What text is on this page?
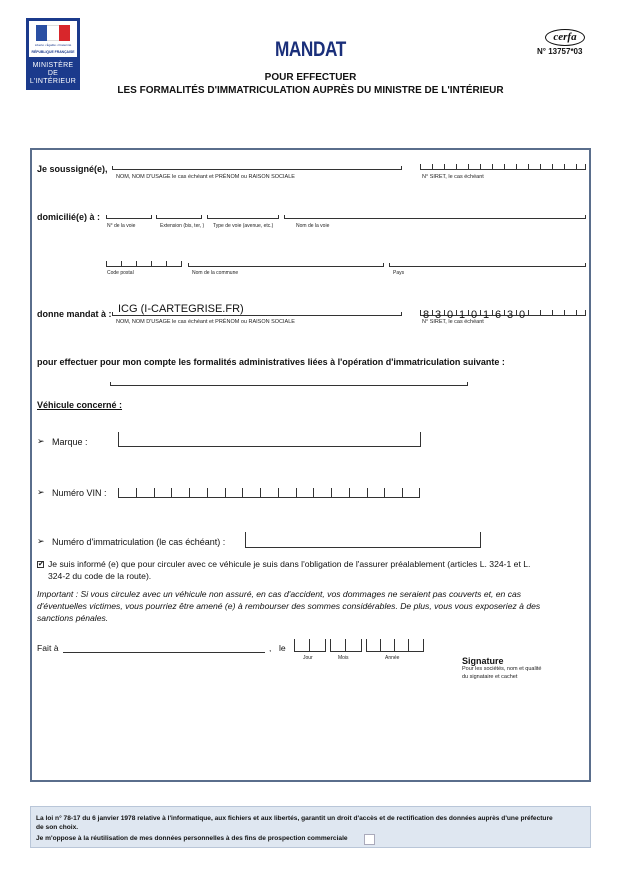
Liberté • Égalité • Fraternité
RÉPUBLIQUE FRANÇAISE
MINISTÈRE
DE
L'INTÉRIEUR
MANDAT
POUR EFFECTUER
LES FORMALITÉS D'IMMATRICULATION AUPRÈS DU MINISTRE DE L'INTÉRIEUR
cerfa
N° 13757*03
Je soussigné(e),
NOM, NOM D'USAGE le cas échéant et PRÉNOM ou RAISON SOCIALE	N° SIRET, le cas échéant
domicilié(e) à :
N° de la voie	Extension (bis, ter, ) Type de voie (avenue, etc.)	Nom de la voie
Code postal	Nom de la commune	Pays
donne mandat à : ICG (I-CARTEGRISE.FR)
NOM, NOM D'USAGE le cas échéant et PRÉNOM ou RAISON SOCIALE
8 3 0 1 0 1 6 3 0
N° SIRET, le cas échéant
pour effectuer pour mon compte les formalités administratives liées à l'opération d'immatriculation suivante :
Véhicule concerné :
➢ Marque :
➢ Numéro VIN :
➢ Numéro d'immatriculation (le cas échéant) :
✔ Je suis informé (e) que pour circuler avec ce véhicule je suis dans l'obligation de l'assurer préalablement (articles L. 324-1 et L.
324-2 du code de la route).
Important : Si vous circulez avec un véhicule non assuré, en cas d'accident, vos dommages ne seraient pas couverts et, en cas
d'éventuelles victimes, vous pourriez être amené (e) à rembourser des sommes considérables. De plus, vous vous exposeriez à des
sanctions pénales.
Fait à	, le
Jour	Mois	Année	Signature
Pour les sociétés, nom et qualité
du signataire et cachet
La loi n° 78-17 du 6 janvier 1978 relative à l'informatique, aux fichiers et aux libertés, garantit un droit d'accès et de rectification des données auprès d'une préfecture
de son choix.
Je m'oppose à la réutilisation de mes données personnelles à des fins de prospection commerciale
